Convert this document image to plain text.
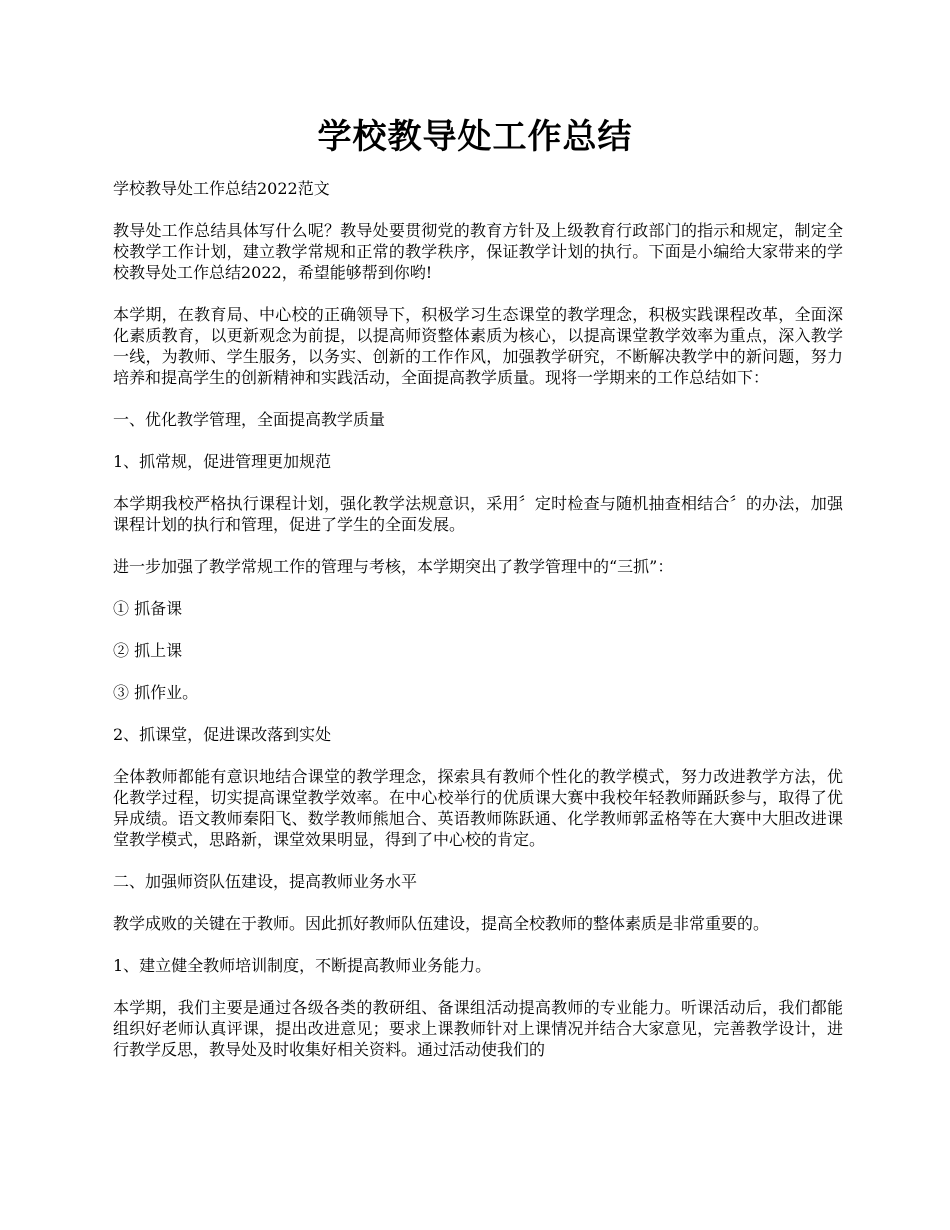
学校教导处工作总结

学校教导处工作总结2022范文

教导处工作总结具体写什么呢？教导处要贯彻党的教育方针及上级教育行政部门的指示和规定，制定全校教学工作计划，建立教学常规和正常的教学秩序，保证教学计划的执行。下面是小编给大家带来的学校教导处工作总结2022，希望能够帮到你哟!

本学期，在教育局、中心校的正确领导下，积极学习生态课堂的教学理念，积极实践课程改革，全面深化素质教育，以更新观念为前提，以提高师资整体素质为核心，以提高课堂教学效率为重点，深入教学一线，为教师、学生服务，以务实、创新的工作作风，加强教学研究，不断解决教学中的新问题，努力培养和提高学生的创新精神和实践活动，全面提高教学质量。现将一学期来的工作总结如下：

一、优化教学管理，全面提高教学质量

1、抓常规，促进管理更加规范

本学期我校严格执行课程计划，强化教学法规意识，采用〞定时检查与随机抽查相结合〞的办法，加强课程计划的执行和管理，促进了学生的全面发展。

进一步加强了教学常规工作的管理与考核，本学期突出了教学管理中的“三抓”：

① 抓备课

② 抓上课

③ 抓作业。

2、抓课堂，促进课改落到实处

全体教师都能有意识地结合课堂的教学理念，探索具有教师个性化的教学模式，努力改进教学方法，优化教学过程，切实提高课堂教学效率。在中心校举行的优质课大赛中我校年轻教师踊跃参与，取得了优异成绩。语文教师秦阳飞、数学教师熊旭合、英语教师陈跃通、化学教师郭孟格等在大赛中大胆改进课堂教学模式，思路新，课堂效果明显，得到了中心校的肯定。

二、加强师资队伍建设，提高教师业务水平

教学成败的关键在于教师。因此抓好教师队伍建设，提高全校教师的整体素质是非常重要的。

1、建立健全教师培训制度，不断提高教师业务能力。

本学期，我们主要是通过各级各类的教研组、备课组活动提高教师的专业能力。听课活动后，我们都能组织好老师认真评课，提出改进意见；要求上课教师针对上课情况并结合大家意见，完善教学设计，进行教学反思，教导处及时收集好相关资料。通过活动使我们的
